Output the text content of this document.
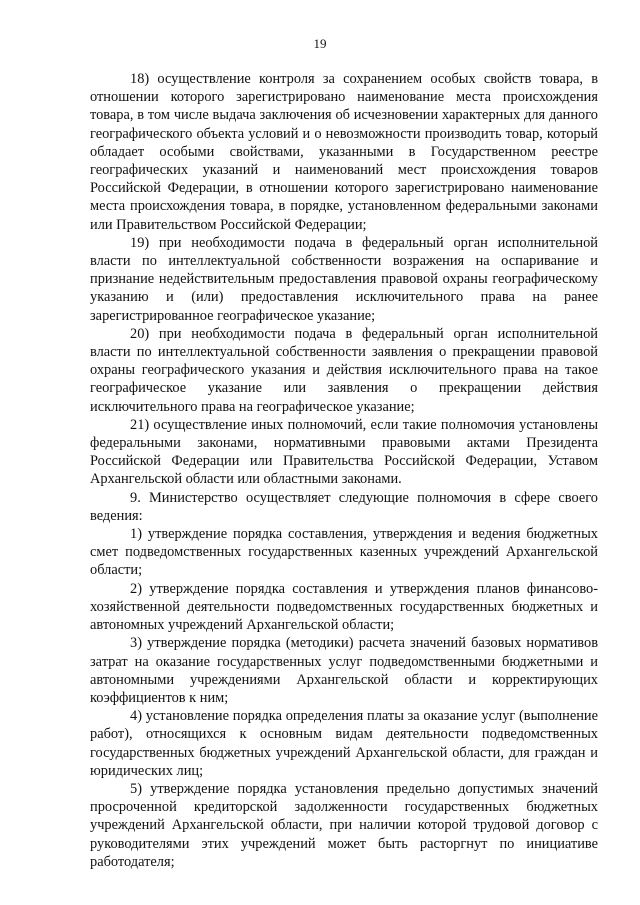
19

18) осуществление контроля за сохранением особых свойств товара, в отношении которого зарегистрировано наименование места происхождения товара, в том числе выдача заключения об исчезновении характерных для данного географического объекта условий и о невозможности производить товар, который обладает особыми свойствами, указанными в Государственном реестре географических указаний и наименований мест происхождения товаров Российской Федерации, в отношении которого зарегистрировано наименование места происхождения товара, в порядке, установленном федеральными законами или Правительством Российской Федерации;

19) при необходимости подача в федеральный орган исполнительной власти по интеллектуальной собственности возражения на оспаривание и признание недействительным предоставления правовой охраны географическому указанию и (или) предоставления исключительного права на ранее зарегистрированное географическое указание;

20) при необходимости подача в федеральный орган исполнительной власти по интеллектуальной собственности заявления о прекращении правовой охраны географического указания и действия исключительного права на такое географическое указание или заявления о прекращении действия исключительного права на географическое указание;

21) осуществление иных полномочий, если такие полномочия установлены федеральными законами, нормативными правовыми актами Президента Российской Федерации или Правительства Российской Федерации, Уставом Архангельской области или областными законами.

9. Министерство осуществляет следующие полномочия в сфере своего ведения:

1) утверждение порядка составления, утверждения и ведения бюджетных смет подведомственных государственных казенных учреждений Архангельской области;

2) утверждение порядка составления и утверждения планов финансово-хозяйственной деятельности подведомственных государственных бюджетных и автономных учреждений Архангельской области;

3) утверждение порядка (методики) расчета значений базовых нормативов затрат на оказание государственных услуг подведомственными бюджетными и автономными учреждениями Архангельской области и корректирующих коэффициентов к ним;

4) установление порядка определения платы за оказание услуг (выполнение работ), относящихся к основным видам деятельности подведомственных государственных бюджетных учреждений Архангельской области, для граждан и юридических лиц;

5) утверждение порядка установления предельно допустимых значений просроченной кредиторской задолженности государственных бюджетных учреждений Архангельской области, при наличии которой трудовой договор с руководителями этих учреждений может быть расторгнут по инициативе работодателя;
